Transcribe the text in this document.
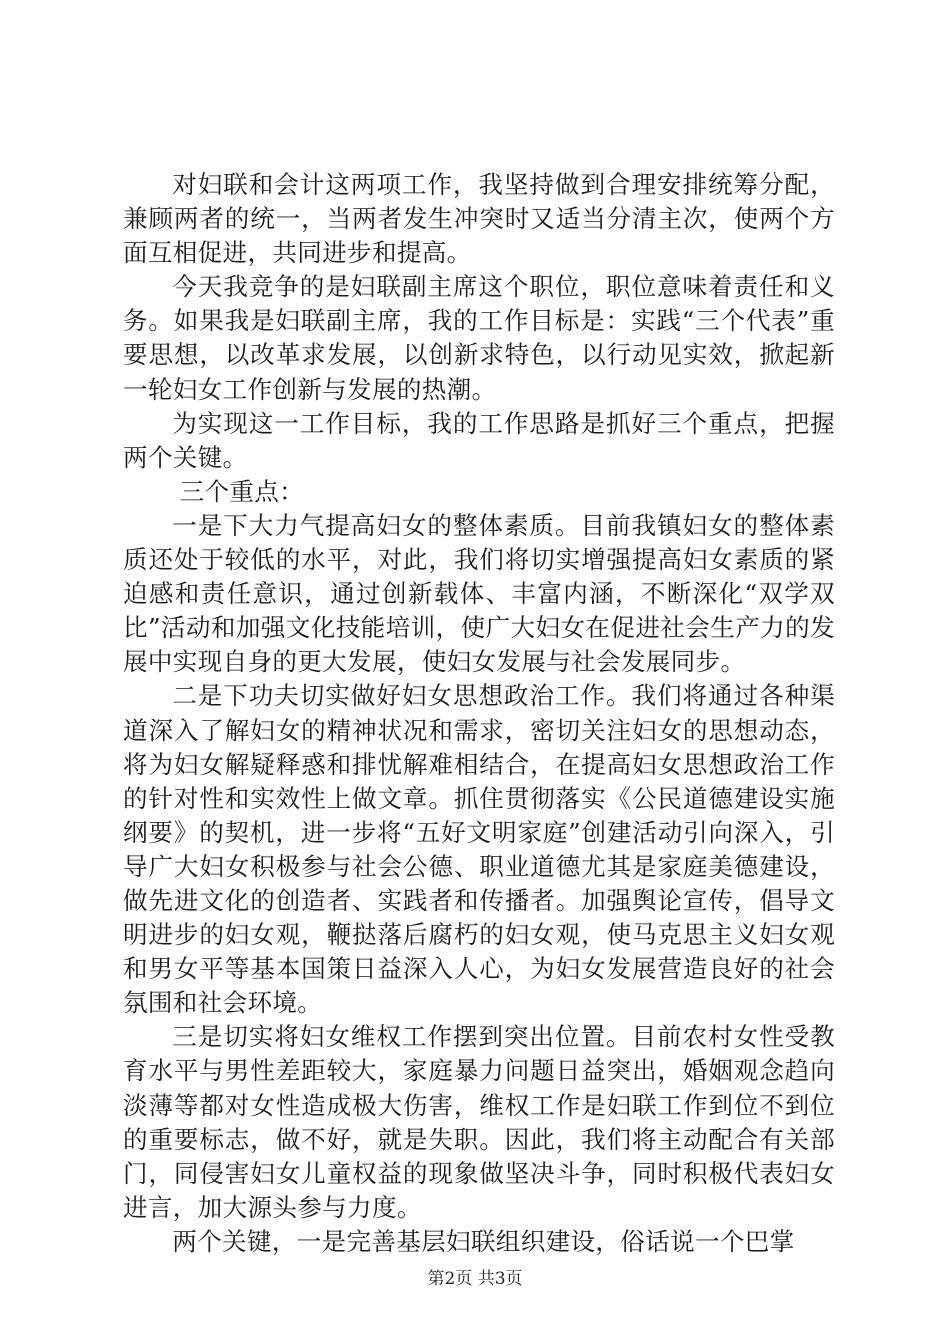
对妇联和会计这两项工作，我坚持做到合理安排统筹分配，兼顾两者的统一，当两者发生冲突时又适当分清主次，使两个方面互相促进，共同进步和提高。

今天我竞争的是妇联副主席这个职位，职位意味着责任和义务。如果我是妇联副主席，我的工作目标是：实践“三个代表”重要思想，以改革求发展，以创新求特色，以行动见实效，掀起新一轮妇女工作创新与发展的热潮。

为实现这一工作目标，我的工作思路是抓好三个重点，把握两个关键。

三个重点：

一是下大力气提高妇女的整体素质。目前我镇妇女的整体素质还处于较低的水平，对此，我们将切实增强提高妇女素质的紧迫感和责任意识，通过创新载体、丰富内涵，不断深化“双学双比”活动和加强文化技能培训，使广大妇女在促进社会生产力的发展中实现自身的更大发展，使妇女发展与社会发展同步。

二是下功夫切实做好妇女思想政治工作。我们将通过各种渠道深入了解妇女的精神状况和需求，密切关注妇女的思想动态，将为妇女解疑释惑和排忧解难相结合，在提高妇女思想政治工作的针对性和实效性上做文章。抓住贯彻落实《公民道德建设实施纲要》的契机，进一步将“五好文明家庭”创建活动引向深入，引导广大妇女积极参与社会公德、职业道德尤其是家庭美德建设，做先进文化的创造者、实践者和传播者。加强舆论宣传，倡导文明进步的妇女观，鞭挞落后腐朽的妇女观，使马克思主义妇女观和男女平等基本国策日益深入人心，为妇女发展营造良好的社会氛围和社会环境。

三是切实将妇女维权工作摆到突出位置。目前农村女性受教育水平与男性差距较大，家庭暴力问题日益突出，婚姻观念趋向淡薄等都对女性造成极大伤害，维权工作是妇联工作到位不到位的重要标志，做不好，就是失职。因此，我们将主动配合有关部门，同侵害妇女儿童权益的现象做坚决斗争，同时积极代表妇女进言，加大源头参与力度。

两个关键，一是完善基层妇联组织建设，俗话说一个巴掌

第2页 共3页
